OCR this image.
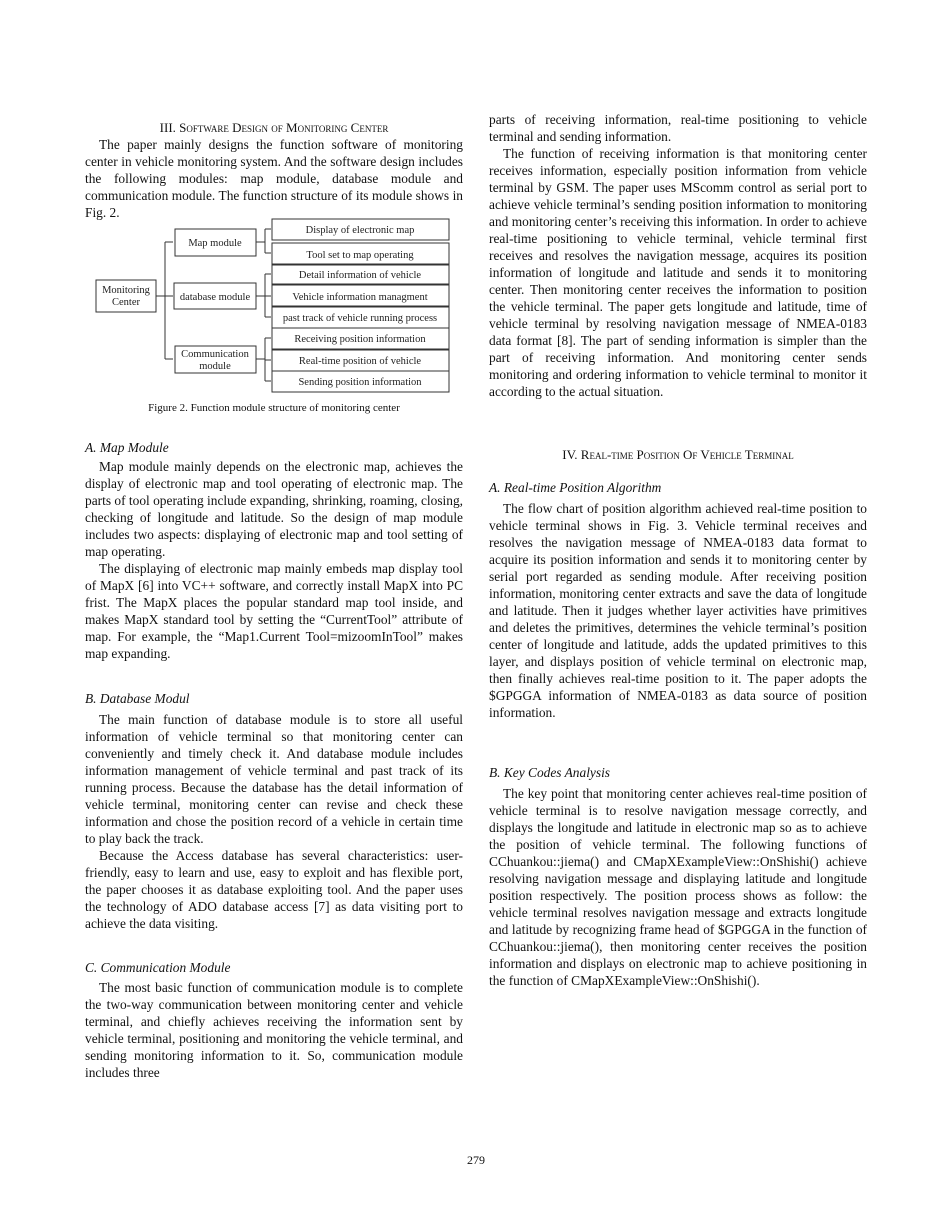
III. Software Design of Monitoring Center

The paper mainly designs the function software of monitoring center in vehicle monitoring system. And the software design includes the following modules: map module, database module and communication module. The function structure of its module shows in Fig. 2.

Monitoring
Center
Map module
database module
Communication
module
Display of electronic map
Tool set to map operating
Detail information of vehicle
Vehicle information managment
past track of vehicle running process
Receiving position information
Real-time position of vehicle
Sending position information
Figure 2. Function module structure of monitoring center
A. Map Module

Map module mainly depends on the electronic map, achieves the display of electronic map and tool operating of electronic map. The parts of tool operating include expanding, shrinking, roaming, closing, checking of longitude and latitude. So the design of map module includes two aspects: displaying of electronic map and tool setting of map operating.

The displaying of electronic map mainly embeds map display tool of MapX [6] into VC++ software, and correctly install MapX into PC frist. The MapX places the popular standard map tool inside, and makes MapX standard tool by setting the “CurrentTool” attribute of map. For example, the “Map1.Current Tool=mizoomInTool” makes map expanding.

B. Database Modul

The main function of database module is to store all useful information of vehicle terminal so that monitoring center can conveniently and timely check it. And database module includes information management of vehicle terminal and past track of its running process. Because the database has the detail information of vehicle terminal, monitoring center can revise and check these information and chose the position record of a vehicle in certain time to play back the track.

Because the Access database has several characteristics: user-friendly, easy to learn and use, easy to exploit and has flexible port, the paper chooses it as database exploiting tool. And the paper uses the technology of ADO database access [7] as data visiting port to achieve the data visiting.

C. Communication Module

The most basic function of communication module is to complete the two-way communication between monitoring center and vehicle terminal, and chiefly achieves receiving the information sent by vehicle terminal, positioning and monitoring the vehicle terminal, and sending monitoring information to it. So, communication module includes three

parts of receiving information, real-time positioning to vehicle terminal and sending information.

The function of receiving information is that monitoring center receives information, especially position information from vehicle terminal by GSM. The paper uses MScomm control as serial port to achieve vehicle terminal’s sending position information to monitoring and monitoring center’s receiving this information. In order to achieve real-time positioning to vehicle terminal, vehicle terminal first receives and resolves the navigation message, acquires its position information of longitude and latitude and sends it to monitoring center. Then monitoring center receives the information to position the vehicle terminal. The paper gets longitude and latitude, time of vehicle terminal by resolving navigation message of NMEA-0183 data format [8]. The part of sending information is simpler than the part of receiving information. And monitoring center sends monitoring and ordering information to vehicle terminal to monitor it according to the actual situation.

IV. Real-time Position Of Vehicle Terminal
A. Real-time Position Algorithm

The flow chart of position algorithm achieved real-time position to vehicle terminal shows in Fig. 3. Vehicle terminal receives and resolves the navigation message of NMEA-0183 data format to acquire its position information and sends it to monitoring center by serial port regarded as sending module. After receiving position information, monitoring center extracts and save the data of longitude and latitude. Then it judges whether layer activities have primitives and deletes the primitives, determines the vehicle terminal’s position center of longitude and latitude, adds the updated primitives to this layer, and displays position of vehicle terminal on electronic map, then finally achieves real-time position to it. The paper adopts the $GPGGA information of NMEA-0183 as data source of position information.

B. Key Codes Analysis

The key point that monitoring center achieves real-time position of vehicle terminal is to resolve navigation message correctly, and displays the longitude and latitude in electronic map so as to achieve the position of vehicle terminal. The following functions of CChuankou::jiema() and CMapXExampleView::OnShishi() achieve resolving navigation message and displaying latitude and longitude position respectively. The position process shows as follow: the vehicle terminal resolves navigation message and extracts longitude and latitude by recognizing frame head of $GPGGA in the function of CChuankou::jiema(), then monitoring center receives the position information and displays on electronic map to achieve positioning in the function of CMapXExampleView::OnShishi().

279
